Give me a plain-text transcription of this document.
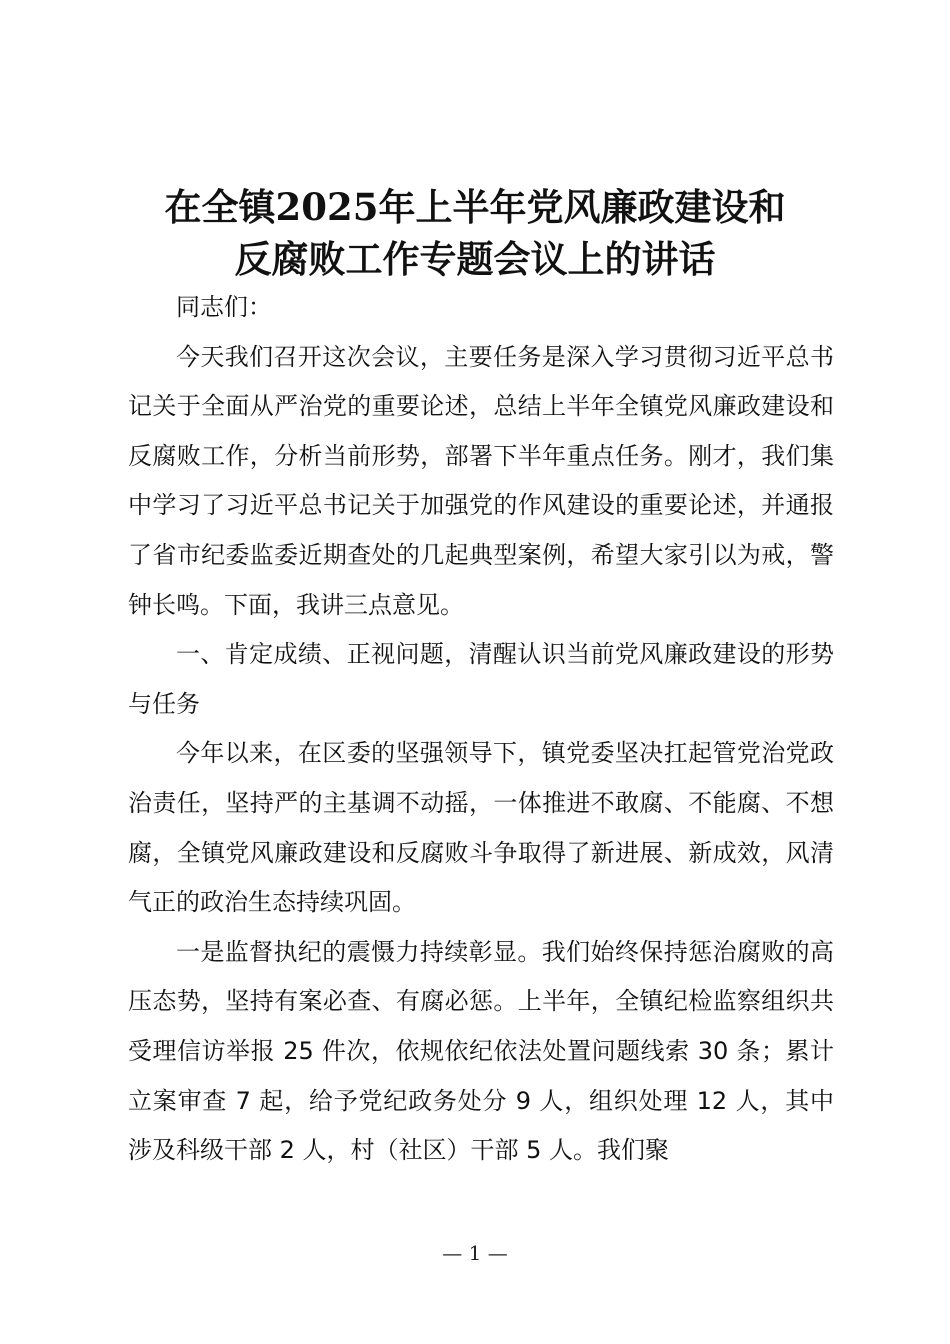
在全镇2025年上半年党风廉政建设和
反腐败工作专题会议上的讲话

同志们：

今天我们召开这次会议，主要任务是深入学习贯彻习近平总书记关于全面从严治党的重要论述，总结上半年全镇党风廉政建设和反腐败工作，分析当前形势，部署下半年重点任务。刚才，我们集中学习了习近平总书记关于加强党的作风建设的重要论述，并通报了省市纪委监委近期查处的几起典型案例，希望大家引以为戒，警钟长鸣。下面，我讲三点意见。

一、肯定成绩、正视问题，清醒认识当前党风廉政建设的形势与任务

今年以来，在区委的坚强领导下，镇党委坚决扛起管党治党政治责任，坚持严的主基调不动摇，一体推进不敢腐、不能腐、不想腐，全镇党风廉政建设和反腐败斗争取得了新进展、新成效，风清气正的政治生态持续巩固。

一是监督执纪的震慑力持续彰显。我们始终保持惩治腐败的高压态势，坚持有案必查、有腐必惩。上半年，全镇纪检监察组织共受理信访举报 25 件次，依规依纪依法处置问题线索 30 条；累计立案审查 7 起，给予党纪政务处分 9 人，组织处理 12 人，其中涉及科级干部 2 人，村（社区）干部 5 人。我们聚

— 1 —
